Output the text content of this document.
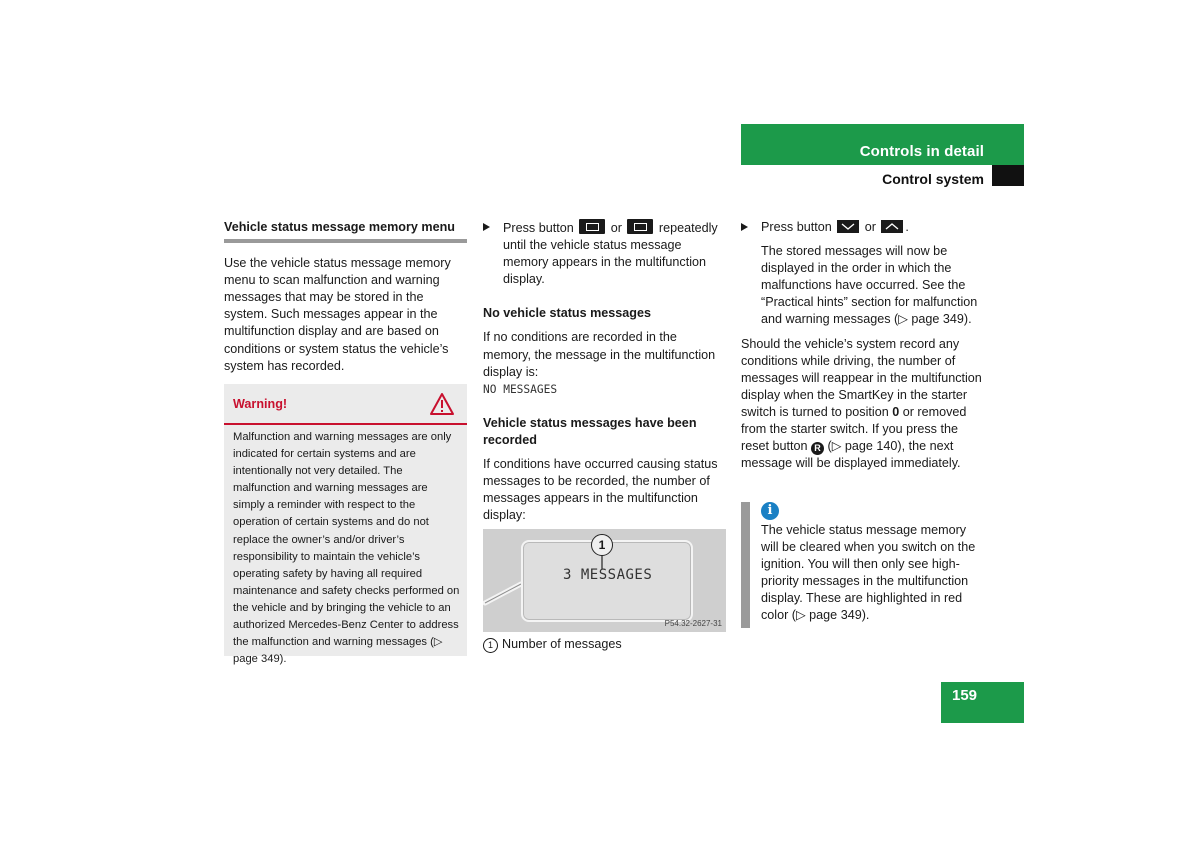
Controls in detail
Control system

Vehicle status message memory menu

Use the vehicle status message memory menu to scan malfunction and warning messages that may be stored in the system. Such messages appear in the multifunction display and are based on conditions or system status the vehicle’s system has recorded.

Warning!
Malfunction and warning messages are only indicated for certain systems and are intentionally not very detailed. The malfunction and warning messages are simply a reminder with respect to the operation of certain systems and do not replace the owner’s and/or driver’s responsibility to maintain the vehicle’s operating safety by having all required maintenance and safety checks performed on the vehicle and by bringing the vehicle to an authorized Mercedes-Benz Center to address the malfunction and warning messages (▷ page 349).

Press button	or	repeatedly until the vehicle status message memory appears in the multifunction display.

No vehicle status messages

If no conditions are recorded in the memory, the message in the multifunction display is:

NO MESSAGES

Vehicle status messages have been recorded

If conditions have occurred causing status messages to be recorded, the number of messages appears in the multifunction display:

1
3 MESSAGES
P54.32-2627-31
1 Number of messages

Press button	or .

The stored messages will now be displayed in the order in which the malfunctions have occurred. See the “Practical hints” section for malfunction and warning messages (▷ page 349).

Should the vehicle’s system record any conditions while driving, the number of messages will reappear in the multifunction display when the SmartKey in the starter switch is turned to position 0 or removed from the starter switch. If you press the reset button R (▷ page 140), the next message will be displayed immediately.

i
The vehicle status message memory will be cleared when you switch on the ignition. You will then only see high-priority messages in the multifunction display. These are highlighted in red color (▷ page 349).
159
